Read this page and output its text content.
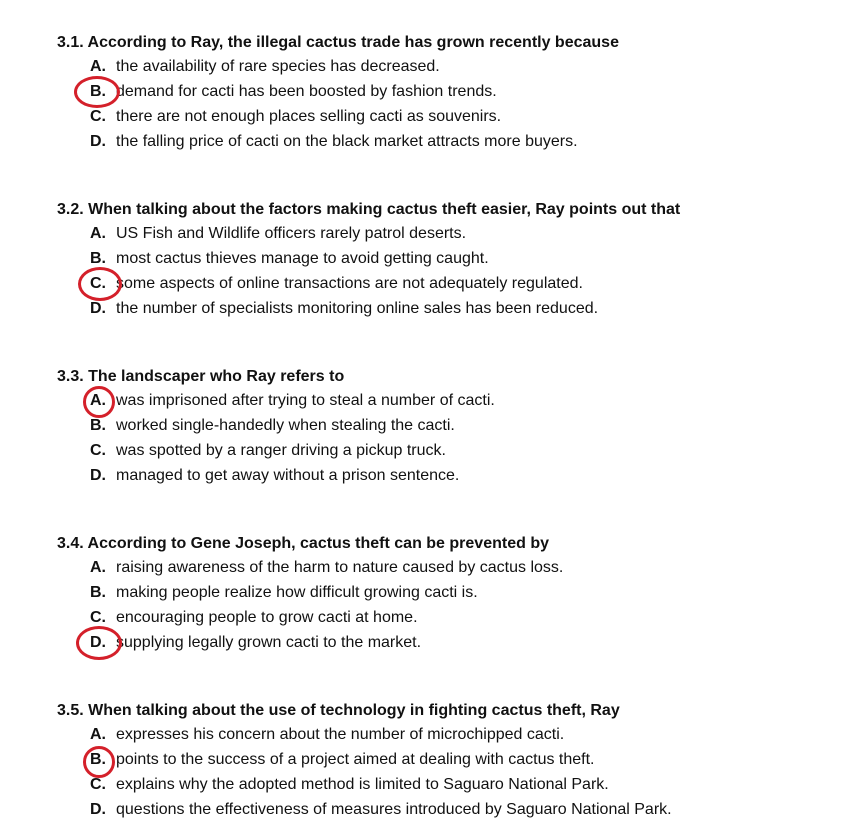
3.1. According to Ray, the illegal cactus trade has grown recently because
A. the availability of rare species has decreased.
B. demand for cacti has been boosted by fashion trends.
C. there are not enough places selling cacti as souvenirs.
D. the falling price of cacti on the black market attracts more buyers.
3.2. When talking about the factors making cactus theft easier, Ray points out that
A. US Fish and Wildlife officers rarely patrol deserts.
B. most cactus thieves manage to avoid getting caught.
C. some aspects of online transactions are not adequately regulated.
D. the number of specialists monitoring online sales has been reduced.
3.3. The landscaper who Ray refers to
A. was imprisoned after trying to steal a number of cacti.
B. worked single-handedly when stealing the cacti.
C. was spotted by a ranger driving a pickup truck.
D. managed to get away without a prison sentence.
3.4. According to Gene Joseph, cactus theft can be prevented by
A. raising awareness of the harm to nature caused by cactus loss.
B. making people realize how difficult growing cacti is.
C. encouraging people to grow cacti at home.
D. supplying legally grown cacti to the market.
3.5. When talking about the use of technology in fighting cactus theft, Ray
A. expresses his concern about the number of microchipped cacti.
B. points to the success of a project aimed at dealing with cactus theft.
C. explains why the adopted method is limited to Saguaro National Park.
D. questions the effectiveness of measures introduced by Saguaro National Park.
